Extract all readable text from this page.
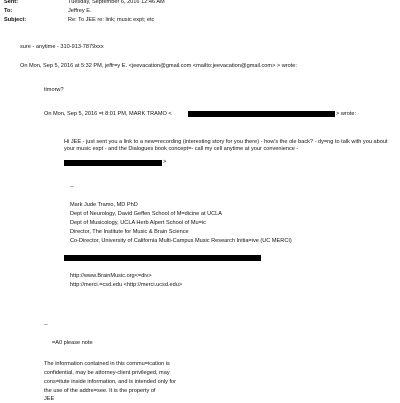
Sent:	Tuesday, September 6, 2016 12:46 AM
To:	Jeffrey E.
Subject:	Re: To JEE re: link; music expt; etc
sure - anytime - 310-913-7879xxx
On Mon, Sep 5, 2016 at 5:32 PM, jeffr=y E. <jeevacation@gmail.com <mailto:jeevacation@gmail.com> > wrote:
timorw?
On Mon, Sep 5, 2016 =t 8:01 PM, MARK TRAMO <	> wrote:
Hi JEE - just sent you a link to a new=recording (interesting story for you there) - how's the ole back? - dy=ng to talk with you about your music expt - and the Dialogues book concept=- call my cell anytime at your convenience -
>
--
Mark Jude Tramo, MD PhD
Dept of Neurology, David Geffen School of M=dicine at UCLA
Dept of Musicology, UCLA Herb Alpert School of Mu=ic
Director, The Institute for Music & Brain Science
Co-Director, University of California Multi-Campus Music Research Initia=ive (UC MERCI)
http://www.BrainMusic.org<=div>
http://merci.=csd.edu <http://merci.ucsd.edu>
--
=A0 please note
The information contained in this commu=ication is
confidential, may be attorney-client privileged, may
cons=itute inside information, and is intended only for
the use of the addre=see. It is the property of
JEE
